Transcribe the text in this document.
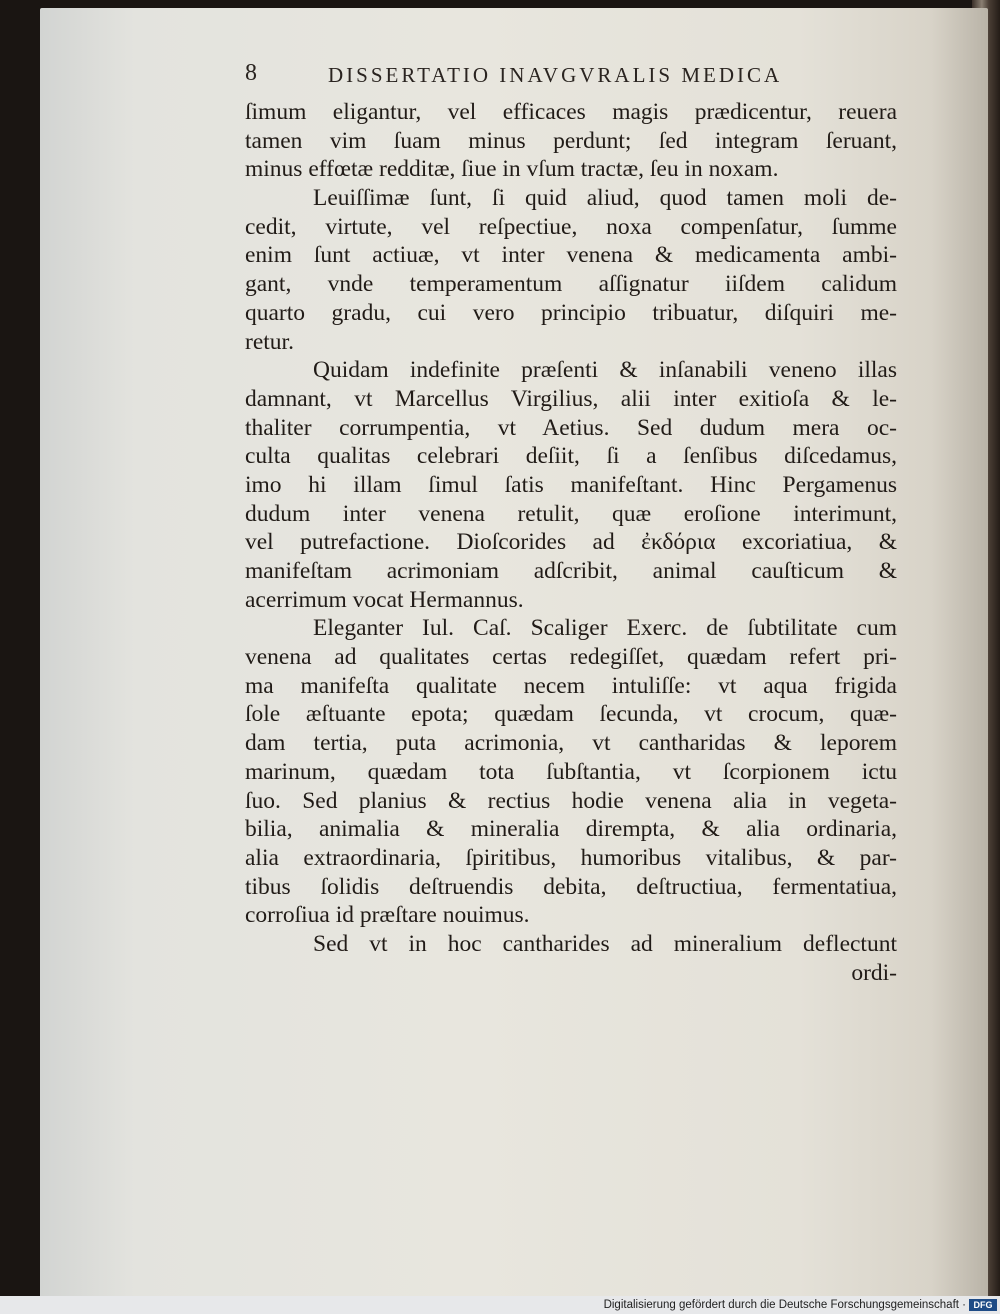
8	DISSERTATIO INAVGVRALIS MEDICA
ſimum eligantur, vel efficaces magis prædicentur, reuera
tamen vim ſuam minus perdunt; ſed integram ſeruant,
minus effœtæ redditæ, ſiue in vſum tractæ, ſeu in noxam.
Leuiſſimæ ſunt, ſi quid aliud, quod tamen moli de-
cedit, virtute, vel reſpectiue, noxa compenſatur, ſumme
enim ſunt actiuæ, vt inter venena & medicamenta ambi-
gant, vnde temperamentum aſſignatur iiſdem calidum
quarto gradu, cui vero principio tribuatur, diſquiri me-
retur.
Quidam indefinite præſenti & inſanabili veneno illas
damnant, vt Marcellus Virgilius, alii inter exitioſa & le-
thaliter corrumpentia, vt Aetius. Sed dudum mera oc-
culta qualitas celebrari deſiit, ſi a ſenſibus diſcedamus,
imo hi illam ſimul ſatis manifeſtant. Hinc Pergamenus
dudum inter venena retulit, quæ eroſione interimunt,
vel putrefactione. Dioſcorides ad ἐκδόρια excoriatiua, &
manifeſtam acrimoniam adſcribit, animal cauſticum &
acerrimum vocat Hermannus.
Eleganter Iul. Caſ. Scaliger Exerc. de ſubtilitate cum
venena ad qualitates certas redegiſſet, quædam refert pri-
ma manifeſta qualitate necem intuliſſe: vt aqua frigida
ſole æſtuante epota; quædam ſecunda, vt crocum, quæ-
dam tertia, puta acrimonia, vt cantharidas & leporem
marinum, quædam tota ſubſtantia, vt ſcorpionem ictu
ſuo. Sed planius & rectius hodie venena alia in vegeta-
bilia, animalia & mineralia dirempta, & alia ordinaria,
alia extraordinaria, ſpiritibus, humoribus vitalibus, & par-
tibus ſolidis deſtruendis debita, deſtructiua, fermentatiua,
corroſiua id præſtare nouimus.
Sed vt in hoc cantharides ad mineralium deflectunt
ordi-
Digitalisierung gefördert durch die Deutsche Forschungsgemeinschaft · DFG
